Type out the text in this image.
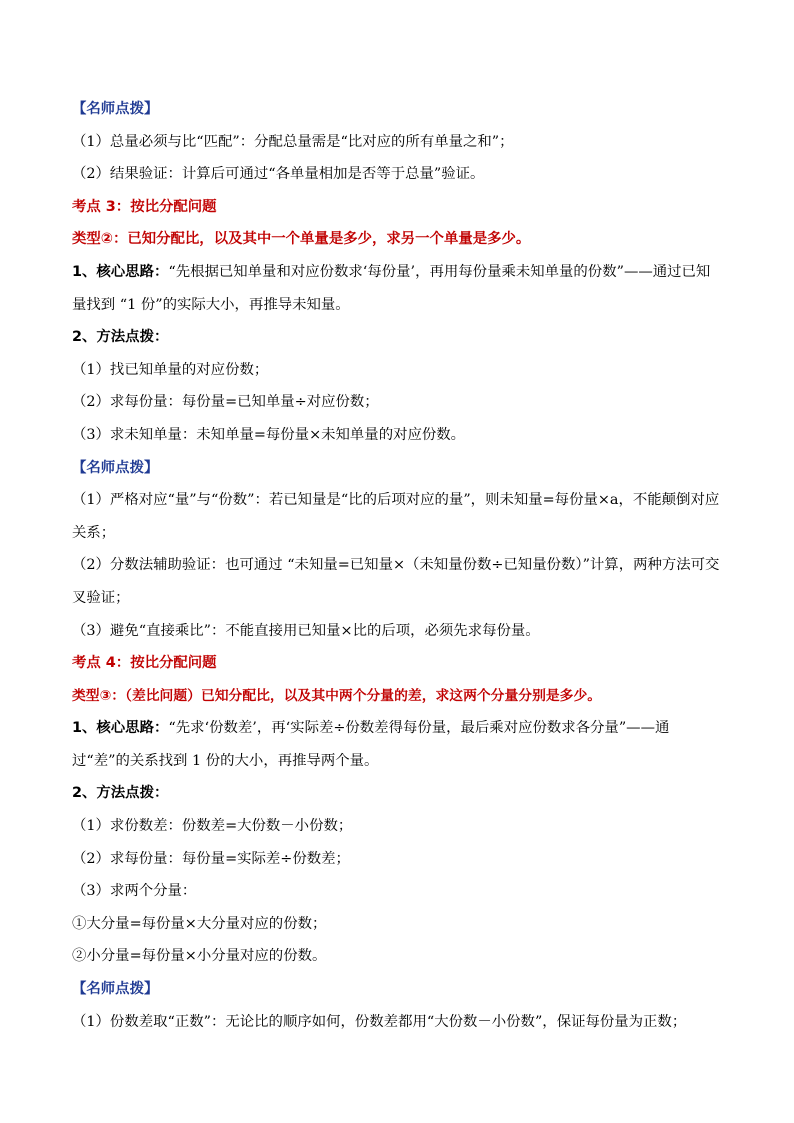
【名师点拨】
（1）总量必须与比“匹配”：分配总量需是“比对应的所有单量之和”；
（2）结果验证：计算后可通过“各单量相加是否等于总量”验证。
考点 3：按比分配问题
类型②：已知分配比，以及其中一个单量是多少，求另一个单量是多少。
1、核心思路：“先根据已知单量和对应份数求‘每份量’，再用每份量乘未知单量的份数”——通过已知量找到 “1 份”的实际大小，再推导未知量。
2、方法点拨：
（1）找已知单量的对应份数；
（2）求每份量：每份量=已知单量÷对应份数；
（3）求未知单量：未知单量=每份量×未知单量的对应份数。
【名师点拨】
（1）严格对应“量”与“份数”：若已知量是“比的后项对应的量”，则未知量=每份量×a，不能颠倒对应关系；
（2）分数法辅助验证：也可通过 “未知量=已知量×（未知量份数÷已知量份数）”计算，两种方法可交叉验证；
（3）避免“直接乘比”：不能直接用已知量×比的后项，必须先求每份量。
考点 4：按比分配问题
类型③：（差比问题）已知分配比，以及其中两个分量的差，求这两个分量分别是多少。
1、核心思路：“先求‘份数差’，再‘实际差÷份数差得每份量，最后乘对应份数求各分量”——通过“差”的关系找到 1 份的大小，再推导两个量。
2、方法点拨：
（1）求份数差：份数差=大份数－小份数；
（2）求每份量：每份量=实际差÷份数差；
（3）求两个分量：
①大分量=每份量×大分量对应的份数；
②小分量=每份量×小分量对应的份数。
【名师点拨】
（1）份数差取“正数”：无论比的顺序如何，份数差都用“大份数－小份数”，保证每份量为正数；
